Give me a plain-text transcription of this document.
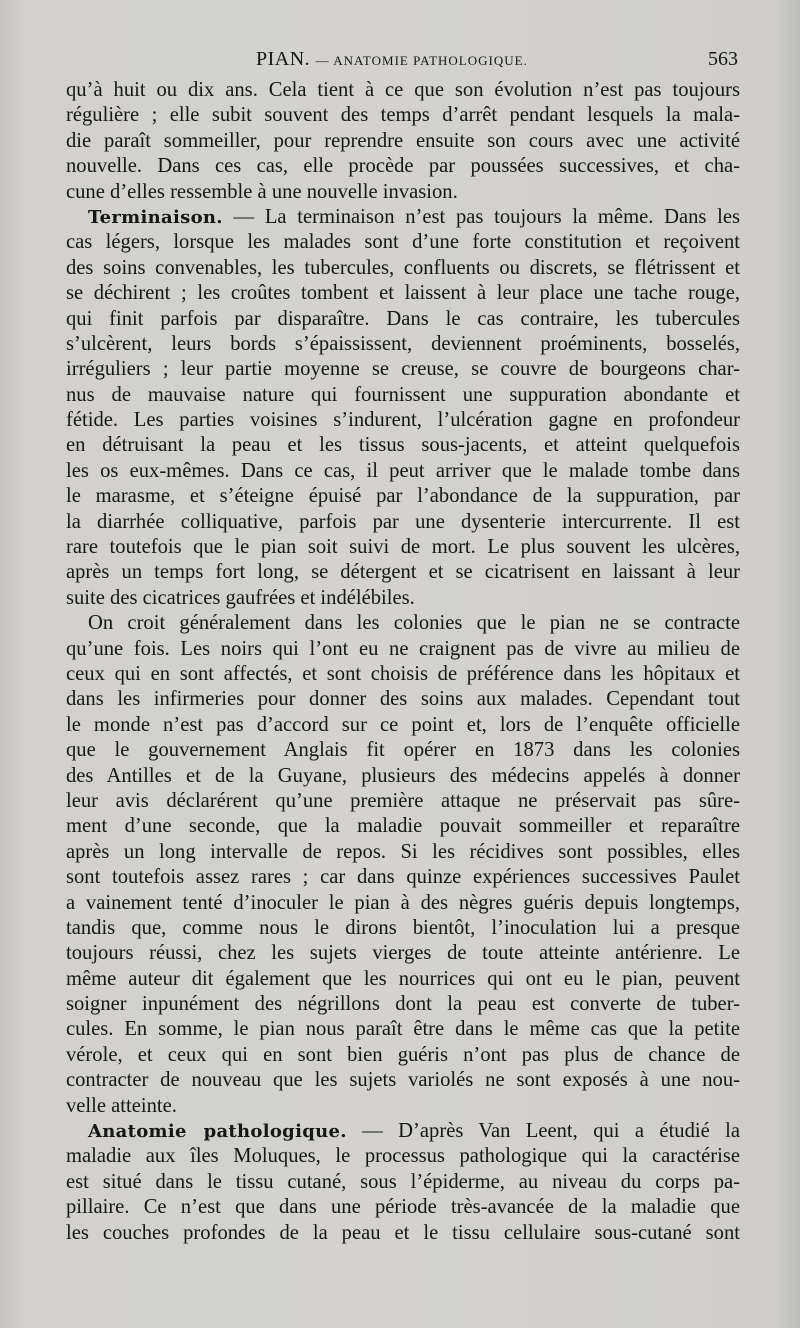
PIAN. — ANATOMIE PATHOLOGIQUE.	563
qu’à huit ou dix ans. Cela tient à ce que son évolution n’est pas toujours
régulière ; elle subit souvent des temps d’arrêt pendant lesquels la mala-
die paraît sommeiller, pour reprendre ensuite son cours avec une activité
nouvelle. Dans ces cas, elle procède par poussées successives, et cha-
cune d’elles ressemble à une nouvelle invasion.
Terminaison. — La terminaison n’est pas toujours la même. Dans les
cas légers, lorsque les malades sont d’une forte constitution et reçoivent
des soins convenables, les tubercules, confluents ou discrets, se flétrissent et
se déchirent ; les croûtes tombent et laissent à leur place une tache rouge,
qui finit parfois par disparaître. Dans le cas contraire, les tubercules
s’ulcèrent, leurs bords s’épaississent, deviennent proéminents, bosselés,
irréguliers ; leur partie moyenne se creuse, se couvre de bourgeons char-
nus de mauvaise nature qui fournissent une suppuration abondante et
fétide. Les parties voisines s’indurent, l’ulcération gagne en profondeur
en détruisant la peau et les tissus sous-jacents, et atteint quelquefois
les os eux-mêmes. Dans ce cas, il peut arriver que le malade tombe dans
le marasme, et s’éteigne épuisé par l’abondance de la suppuration, par
la diarrhée colliquative, parfois par une dysenterie intercurrente. Il est
rare toutefois que le pian soit suivi de mort. Le plus souvent les ulcères,
après un temps fort long, se détergent et se cicatrisent en laissant à leur
suite des cicatrices gaufrées et indélébiles.
On croit généralement dans les colonies que le pian ne se contracte
qu’une fois. Les noirs qui l’ont eu ne craignent pas de vivre au milieu de
ceux qui en sont affectés, et sont choisis de préférence dans les hôpitaux et
dans les infirmeries pour donner des soins aux malades. Cependant tout
le monde n’est pas d’accord sur ce point et, lors de l’enquête officielle
que le gouvernement Anglais fit opérer en 1873 dans les colonies
des Antilles et de la Guyane, plusieurs des médecins appelés à donner
leur avis déclarérent qu’une première attaque ne préservait pas sûre-
ment d’une seconde, que la maladie pouvait sommeiller et reparaître
après un long intervalle de repos. Si les récidives sont possibles, elles
sont toutefois assez rares ; car dans quinze expériences successives Paulet
a vainement tenté d’inoculer le pian à des nègres guéris depuis longtemps,
tandis que, comme nous le dirons bientôt, l’inoculation lui a presque
toujours réussi, chez les sujets vierges de toute atteinte antérienre. Le
même auteur dit également que les nourrices qui ont eu le pian, peuvent
soigner inpunément des négrillons dont la peau est converte de tuber-
cules. En somme, le pian nous paraît être dans le même cas que la petite
vérole, et ceux qui en sont bien guéris n’ont pas plus de chance de
contracter de nouveau que les sujets variolés ne sont exposés à une nou-
velle atteinte.
Anatomie pathologique. — D’après Van Leent, qui a étudié la
maladie aux îles Moluques, le processus pathologique qui la caractérise
est situé dans le tissu cutané, sous l’épiderme, au niveau du corps pa-
pillaire. Ce n’est que dans une période très-avancée de la maladie que
les couches profondes de la peau et le tissu cellulaire sous-cutané sont
